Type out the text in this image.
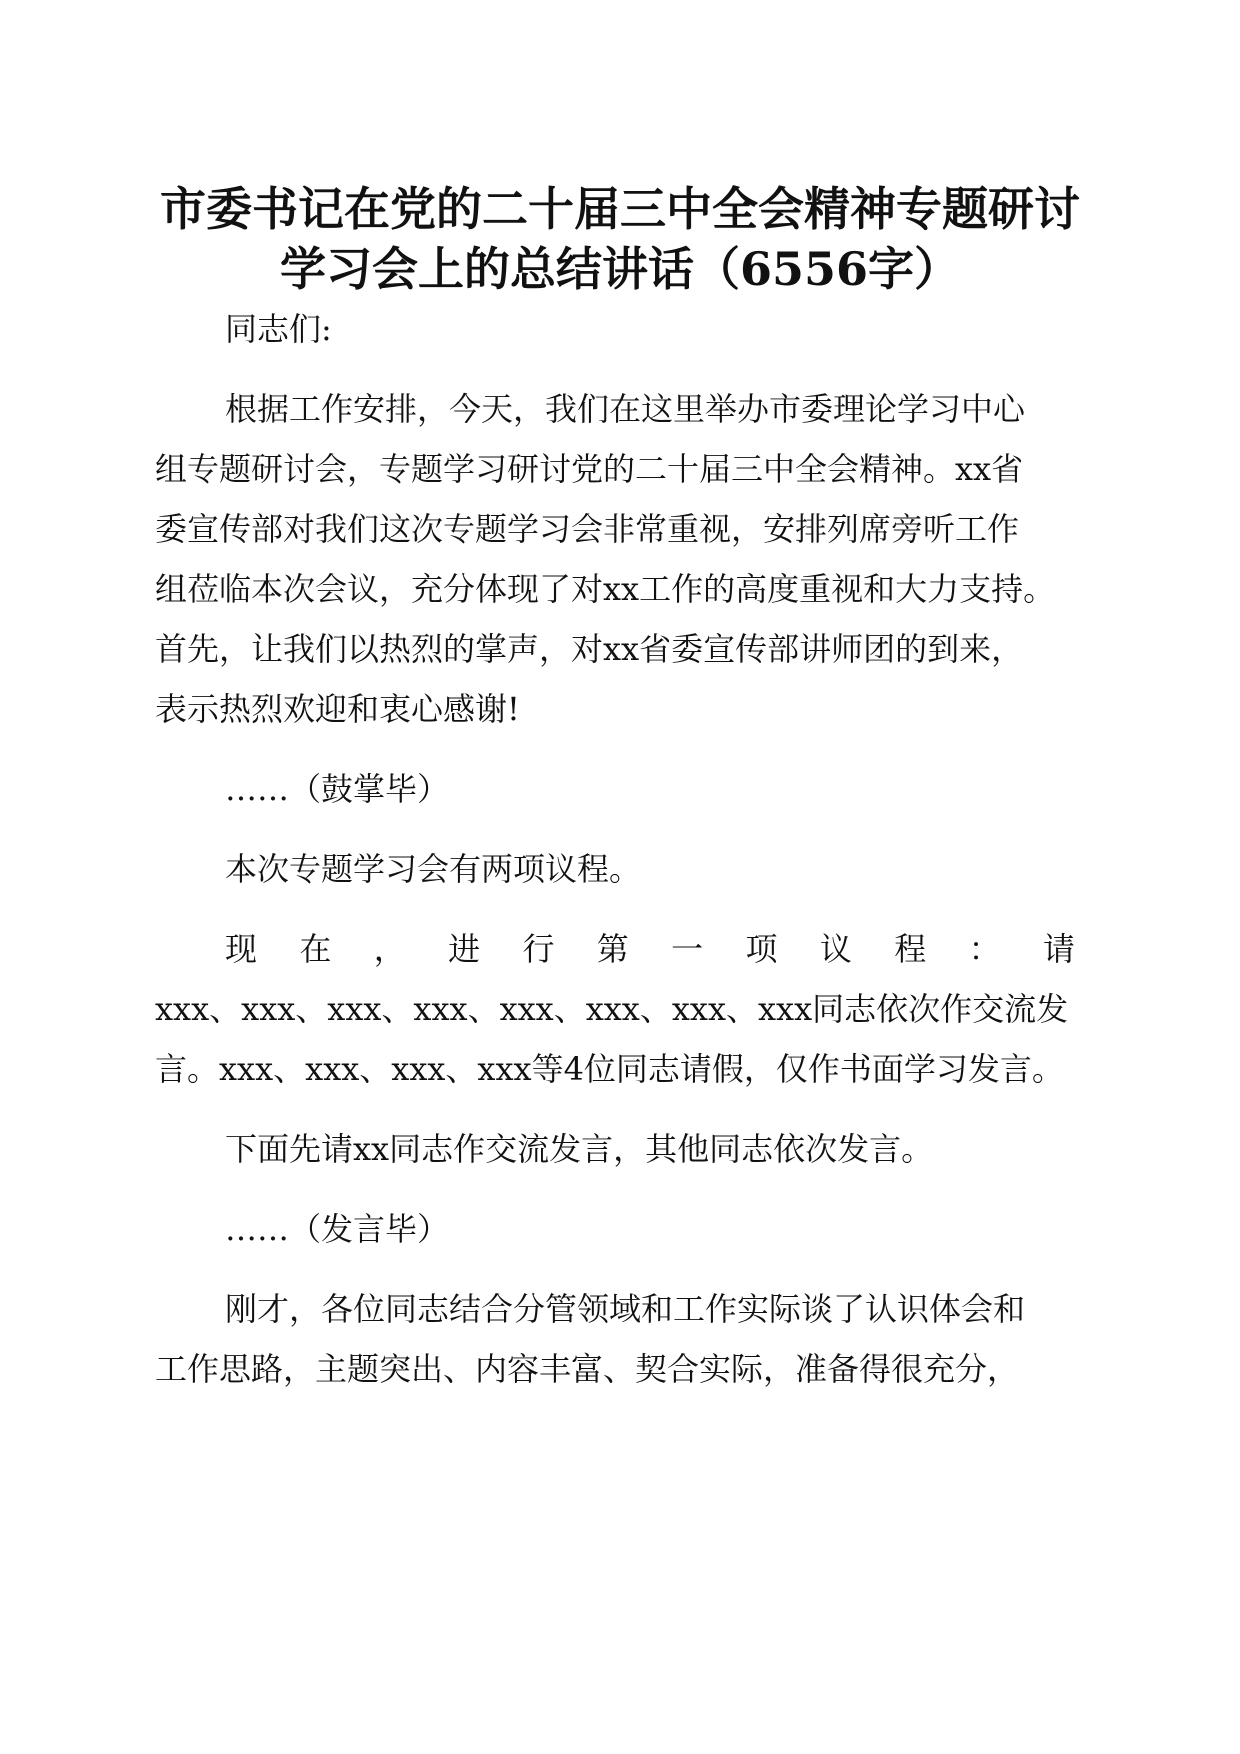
市委书记在党的二十届三中全会精神专题研讨
学习会上的总结讲话（6556字）

同志们:

根据工作安排，今天，我们在这里举办市委理论学习中心

组专题研讨会，专题学习研讨党的二十届三中全会精神。xx省

委宣传部对我们这次专题学习会非常重视，安排列席旁听工作

组莅临本次会议，充分体现了对xx工作的高度重视和大力支持。

首先，让我们以热烈的掌声，对xx省委宣传部讲师团的到来，

表示热烈欢迎和衷心感谢!

……（鼓掌毕）

本次专题学习会有两项议程。

现 在 ， 进 行 第 一 项 议 程 ： 请

xxx、xxx、xxx、xxx、xxx、xxx、xxx、xxx同志依次作交流发

言。xxx、xxx、xxx、xxx等4位同志请假，仅作书面学习发言。

下面先请xx同志作交流发言，其他同志依次发言。

……（发言毕）

刚才，各位同志结合分管领域和工作实际谈了认识体会和

工作思路，主题突出、内容丰富、契合实际，准备得很充分，
